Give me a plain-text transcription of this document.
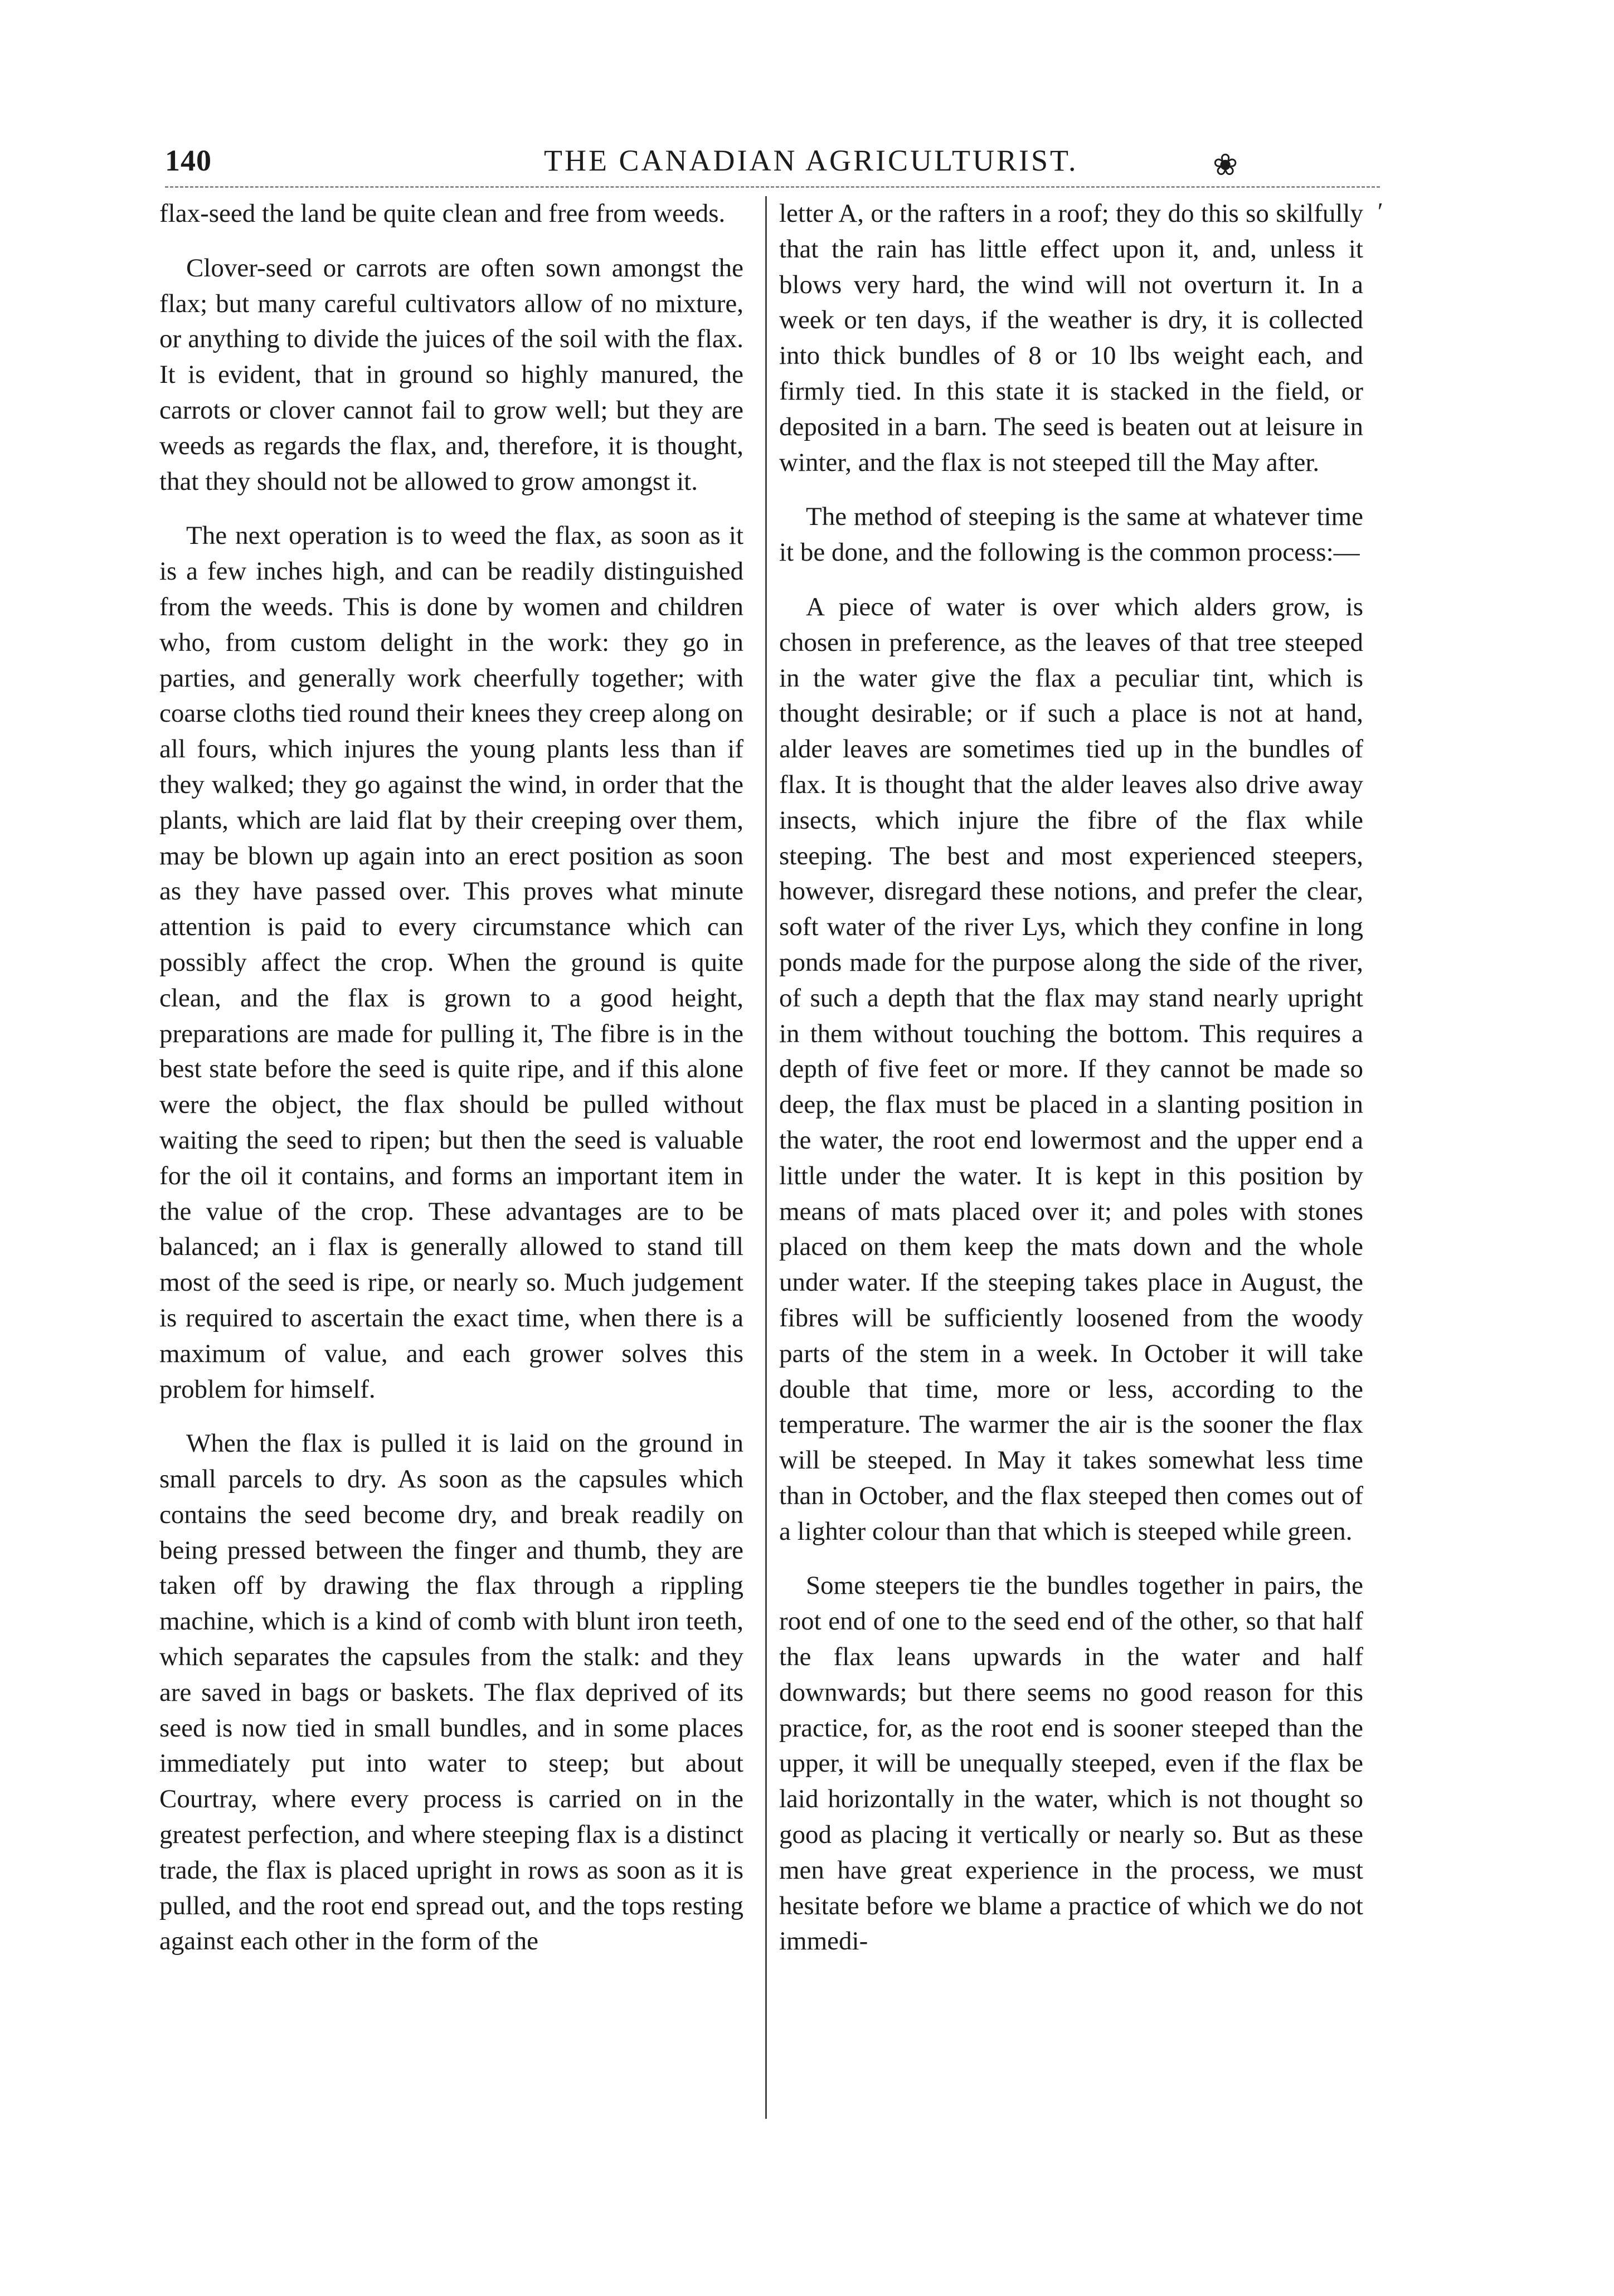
140	THE CANADIAN AGRICULTURIST.	❀

flax-seed the land be quite clean and free from weeds.

Clover-seed or carrots are often sown amongst the flax; but many careful cultivators allow of no mixture, or anything to divide the juices of the soil with the flax. It is evident, that in ground so highly manured, the carrots or clover cannot fail to grow well; but they are weeds as regards the flax, and, therefore, it is thought, that they should not be allowed to grow amongst it.

The next operation is to weed the flax, as soon as it is a few inches high, and can be readily distinguished from the weeds. This is done by women and children who, from custom delight in the work: they go in parties, and generally work cheerfully together; with coarse cloths tied round their knees they creep along on all fours, which injures the young plants less than if they walked; they go against the wind, in order that the plants, which are laid flat by their creeping over them, may be blown up again into an erect position as soon as they have passed over. This proves what minute attention is paid to every circumstance which can possibly affect the crop. When the ground is quite clean, and the flax is grown to a good height, preparations are made for pulling it, The fibre is in the best state before the seed is quite ripe, and if this alone were the object, the flax should be pulled without waiting the seed to ripen; but then the seed is valuable for the oil it contains, and forms an important item in the value of the crop. These advantages are to be balanced; an i flax is generally allowed to stand till most of the seed is ripe, or nearly so. Much judgement is required to ascertain the exact time, when there is a maximum of value, and each grower solves this problem for himself.

When the flax is pulled it is laid on the ground in small parcels to dry. As soon as the capsules which contains the seed become dry, and break readily on being pressed between the finger and thumb, they are taken off by drawing the flax through a rippling machine, which is a kind of comb with blunt iron teeth, which separates the capsules from the stalk: and they are saved in bags or baskets. The flax deprived of its seed is now tied in small bundles, and in some places immediately put into water to steep; but about Courtray, where every process is carried on in the greatest perfection, and where steeping flax is a distinct trade, the flax is placed upright in rows as soon as it is pulled, and the root end spread out, and the tops resting against each other in the form of the

letter A, or the rafters in a roof; they do this so skilfully that the rain has little effect upon it, and, unless it blows very hard, the wind will not overturn it. In a week or ten days, if the weather is dry, it is collected into thick bundles of 8 or 10 lbs weight each, and firmly tied. In this state it is stacked in the field, or deposited in a barn. The seed is beaten out at leisure in winter, and the flax is not steeped till the May after.

The method of steeping is the same at whatever time it be done, and the following is the common process:—

A piece of water is over which alders grow, is chosen in preference, as the leaves of that tree steeped in the water give the flax a peculiar tint, which is thought desirable; or if such a place is not at hand, alder leaves are sometimes tied up in the bundles of flax. It is thought that the alder leaves also drive away insects, which injure the fibre of the flax while steeping. The best and most experienced steepers, however, disregard these notions, and prefer the clear, soft water of the river Lys, which they confine in long ponds made for the purpose along the side of the river, of such a depth that the flax may stand nearly upright in them without touching the bottom. This requires a depth of five feet or more. If they cannot be made so deep, the flax must be placed in a slanting position in the water, the root end lowermost and the upper end a little under the water. It is kept in this position by means of mats placed over it; and poles with stones placed on them keep the mats down and the whole under water. If the steeping takes place in August, the fibres will be sufficiently loosened from the woody parts of the stem in a week. In October it will take double that time, more or less, according to the temperature. The warmer the air is the sooner the flax will be steeped. In May it takes somewhat less time than in October, and the flax steeped then comes out of a lighter colour than that which is steeped while green.

Some steepers tie the bundles together in pairs, the root end of one to the seed end of the other, so that half the flax leans upwards in the water and half downwards; but there seems no good reason for this practice, for, as the root end is sooner steeped than the upper, it will be unequally steeped, even if the flax be laid horizontally in the water, which is not thought so good as placing it vertically or nearly so. But as these men have great experience in the process, we must hesitate before we blame a practice of which we do not immedi-

′
